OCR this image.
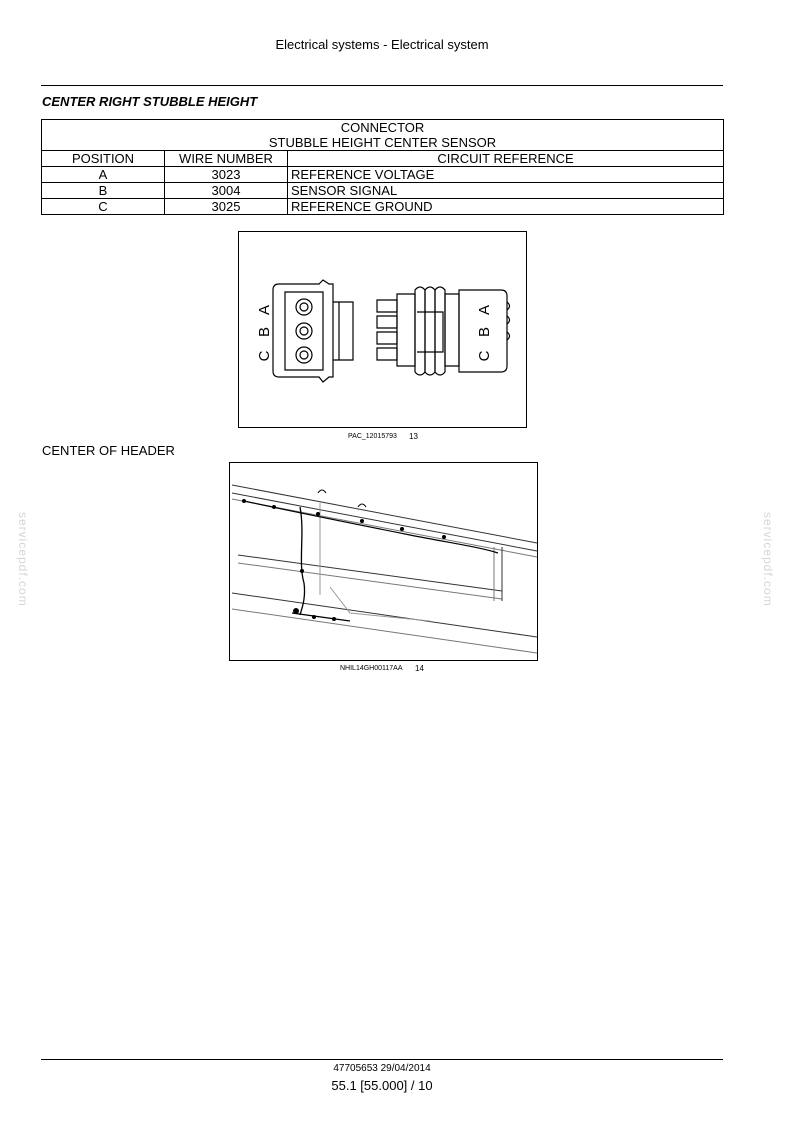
Electrical systems - Electrical system
CENTER RIGHT STUBBLE HEIGHT
CONNECTOR		
STUBBLE HEIGHT CENTER SENSOR		
POSITION	WIRE NUMBER	CIRCUIT REFERENCE
A	3023	REFERENCE VOLTAGE
B	3004	SENSOR SIGNAL
C	3025	REFERENCE GROUND
C
B
A
C
B
A
PAC_12015793 13
CENTER OF HEADER
NHIL14GH00117AA 14
servicepdf.com	servicepdf.com
47705653 29/04/2014
55.1 [55.000] / 10
